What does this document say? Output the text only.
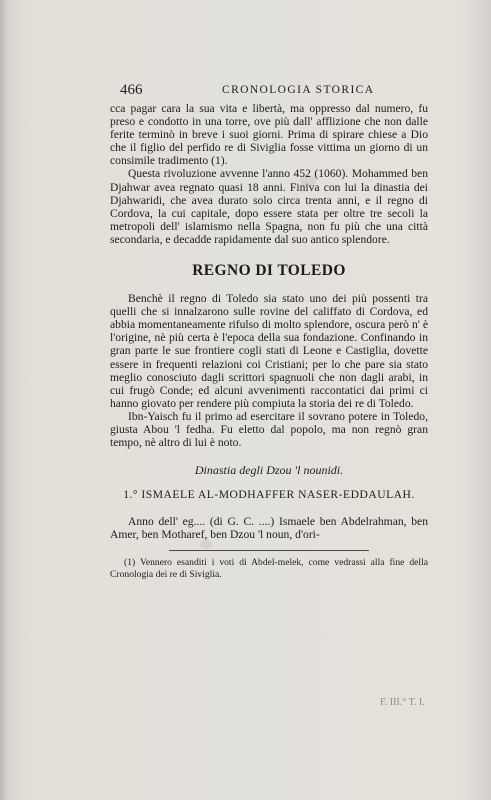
466	CRONOLOGIA STORICA

cca pagar cara la sua vita e libertà, ma oppresso dal numero, fu preso e condotto in una torre, ove più dall' afflizione che non dalle ferite terminò in breve i suoi giorni. Prima di spirare chiese a Dio che il figlio del perfido re di Siviglia fosse vittima un giorno di un consimile tradimento (1).

Questa rivoluzione avvenne l'anno 452 (1060). Mohammed ben Djahwar avea regnato quasi 18 anni. Finiva con lui la dinastia dei Djahwaridi, che avea durato solo circa trenta anni, e il regno di Cordova, la cui capitale, dopo essere stata per oltre tre secoli la metropoli dell' islamismo nella Spagna, non fu più che una città secondaria, e decadde rapidamente dal suo antico splendore.

REGNO DI TOLEDO

Benchè il regno di Toledo sia stato uno dei più possenti tra quelli che si innalzarono sulle rovine del califfato di Cordova, ed abbia momentaneamente rifulso di molto splendore, oscura però n' è l'origine, nè più certa è l'epoca della sua fondazione. Confinando in gran parte le sue frontiere cogli stati di Leone e Castiglia, dovette essere in frequenti relazioni coi Cristiani; per lo che pare sia stato meglio conosciuto dagli scrittori spagnuoli che non dagli arabi, in cui frugò Conde; ed alcuni avvenimenti raccontatici dai primi ci hanno giovato per rendere più compiuta la storia dei re di Toledo.

Ibn-Yaisch fu il primo ad esercitare il sovrano potere in Toledo, giusta Abou 'l fedha. Fu eletto dal popolo, ma non regnò gran tempo, nè altro di lui è noto.

Dinastia degli Dzou 'l nounidi.
1.° ISMAELE AL-MODHAFFER NASER-EDDAULAH.

Anno dell' eg.... (di G. C. ....) Ismaele ben Abdelrahman, ben Amer, ben Motharef, ben Dzou 'l noun, d'ori-

(1) Vennero esanditi i voti di Abdel-melek, come vedrassi alla fine della Cronologia dei re di Siviglia.

F. III.° T. I.
